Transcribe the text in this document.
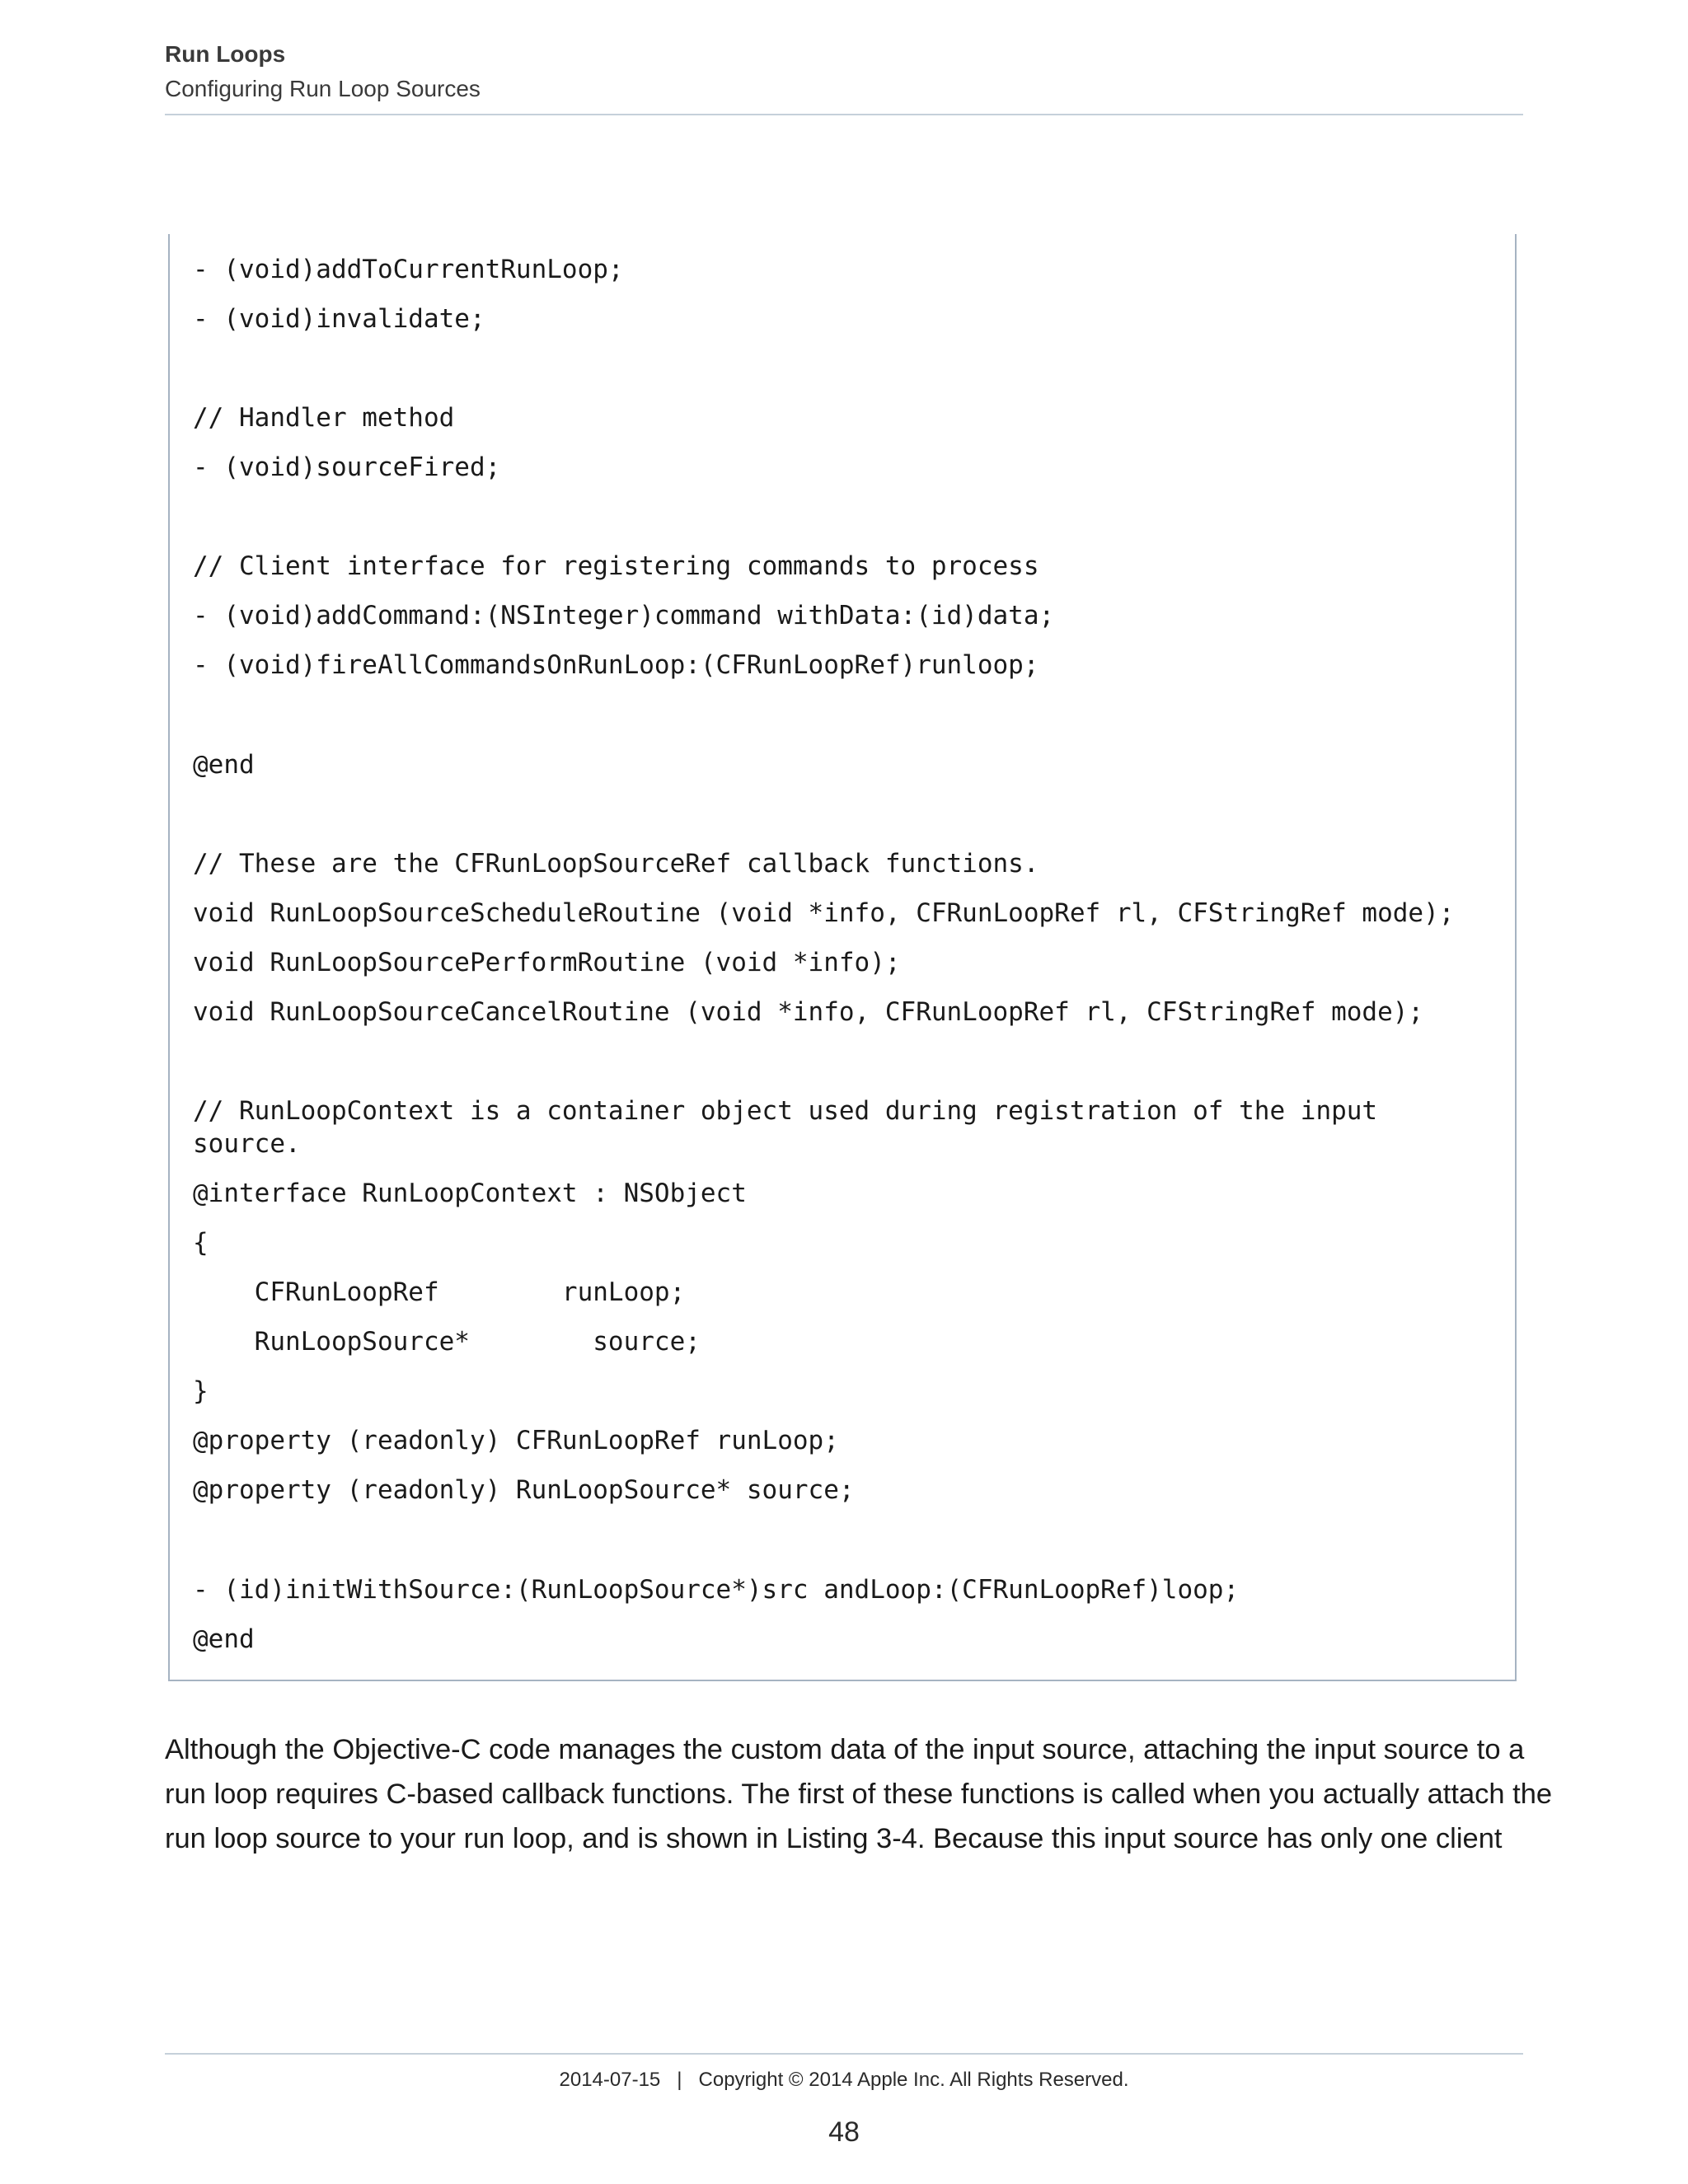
Run Loops
Configuring Run Loop Sources
- (void)addToCurrentRunLoop;
- (void)invalidate;
// Handler method
- (void)sourceFired;
// Client interface for registering commands to process
- (void)addCommand:(NSInteger)command withData:(id)data;
- (void)fireAllCommandsOnRunLoop:(CFRunLoopRef)runloop;
@end
// These are the CFRunLoopSourceRef callback functions.
void RunLoopSourceScheduleRoutine (void *info, CFRunLoopRef rl, CFStringRef mode);
void RunLoopSourcePerformRoutine (void *info);
void RunLoopSourceCancelRoutine (void *info, CFRunLoopRef rl, CFStringRef mode);
// RunLoopContext is a container object used during registration of the input
source.
@interface RunLoopContext : NSObject
{
CFRunLoopRef        runLoop;
RunLoopSource*        source;
}
@property (readonly) CFRunLoopRef runLoop;
@property (readonly) RunLoopSource* source;
- (id)initWithSource:(RunLoopSource*)src andLoop:(CFRunLoopRef)loop;
@end
Although the Objective-C code manages the custom data of the input source, attaching the input source to a
run loop requires C-based callback functions. The first of these functions is called when you actually attach the
run loop source to your run loop, and is shown in Listing 3-4. Because this input source has only one client
2014-07-15 | Copyright © 2014 Apple Inc. All Rights Reserved.
48
